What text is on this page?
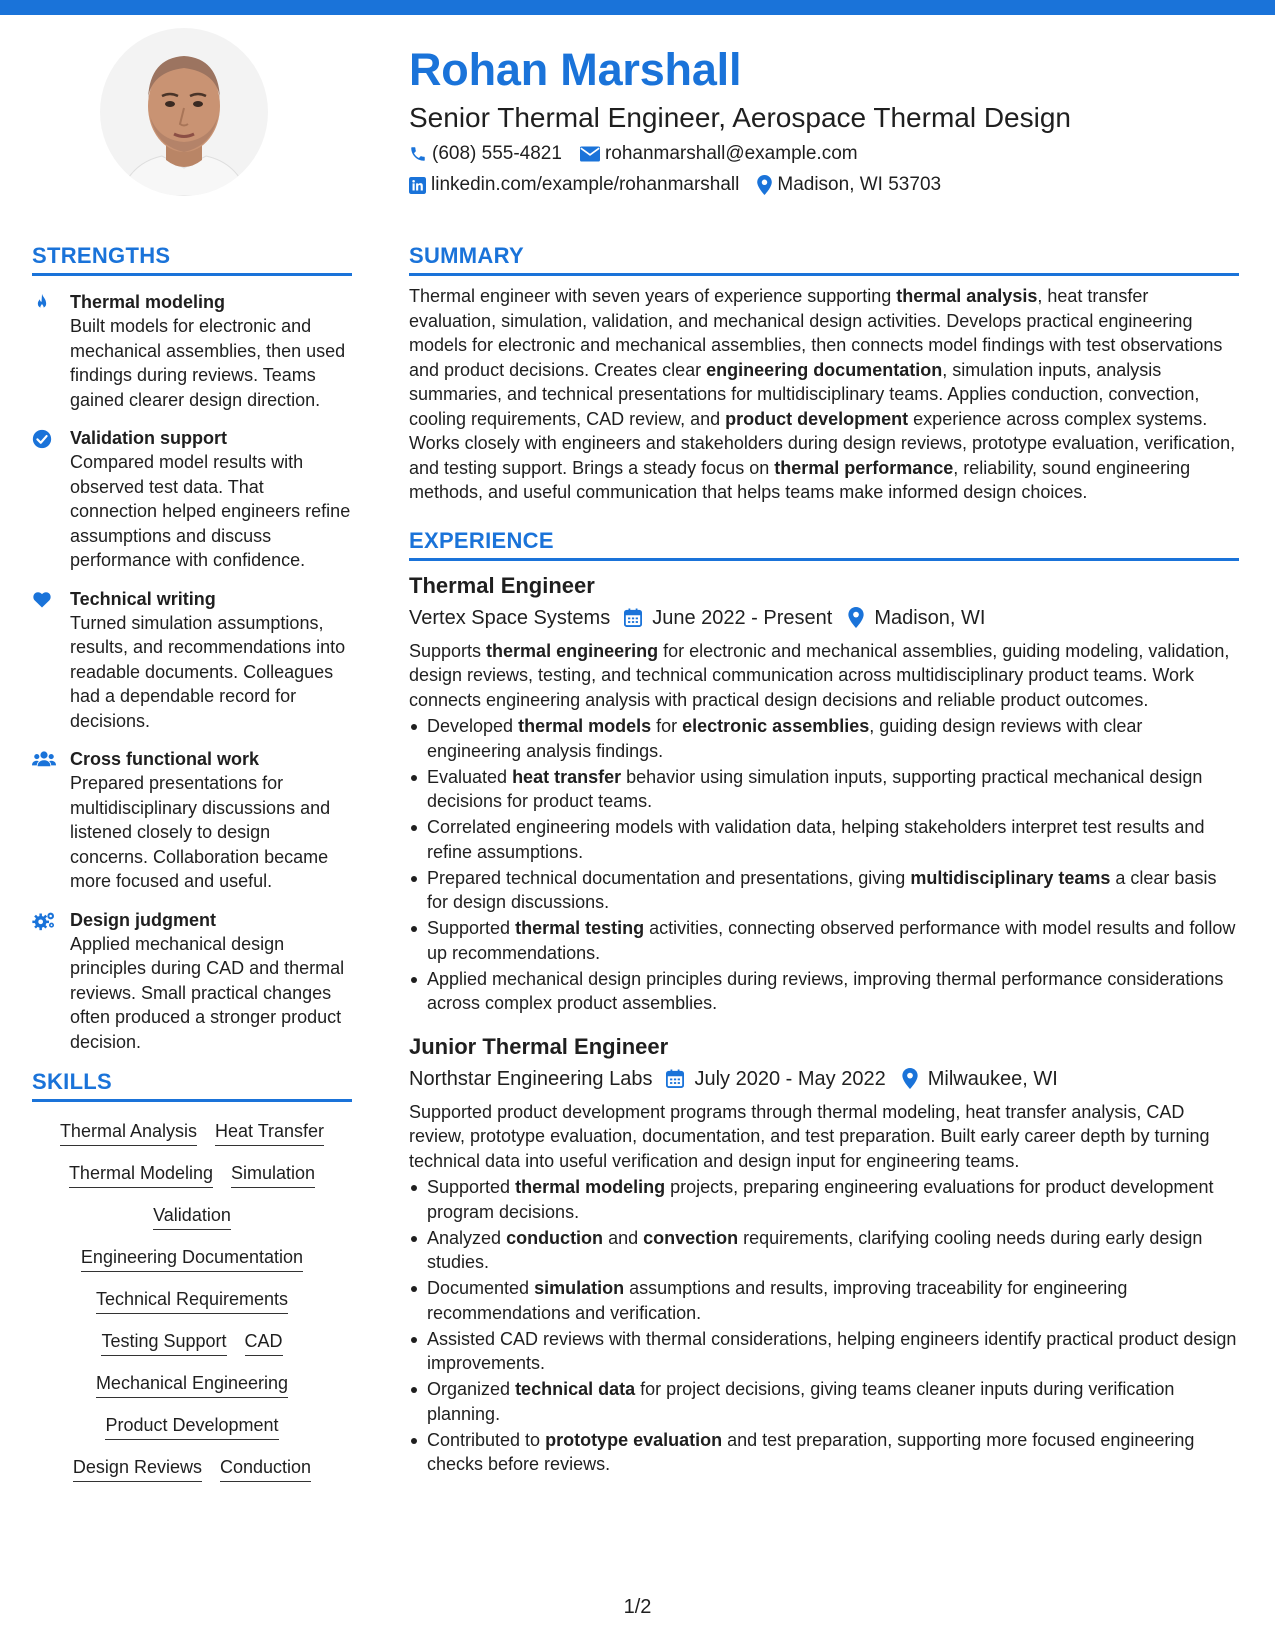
Rohan Marshall
Senior Thermal Engineer, Aerospace Thermal Design
(608) 555-4821 rohanmarshall@example.com
linkedin.com/example/rohanmarshall Madison, WI 53703
STRENGTHS
Thermal modeling
Built models for electronic and mechanical assemblies, then used findings during reviews. Teams gained clearer design direction.
Validation support
Compared model results with observed test data. That connection helped engineers refine assumptions and discuss performance with confidence.
Technical writing
Turned simulation assumptions, results, and recommendations into readable documents. Colleagues had a dependable record for decisions.
Cross functional work
Prepared presentations for multidisciplinary discussions and listened closely to design concerns. Collaboration became more focused and useful.
Design judgment
Applied mechanical design principles during CAD and thermal reviews. Small practical changes often produced a stronger product decision.
SKILLS
Thermal Analysis Heat Transfer
Thermal Modeling Simulation
Validation
Engineering Documentation
Technical Requirements
Testing Support CAD
Mechanical Engineering
Product Development
Design Reviews Conduction
SUMMARY
Thermal engineer with seven years of experience supporting thermal analysis, heat transfer evaluation, simulation, validation, and mechanical design activities. Develops practical engineering models for electronic and mechanical assemblies, then connects model findings with test observations and product decisions. Creates clear engineering documentation, simulation inputs, analysis summaries, and technical presentations for multidisciplinary teams. Applies conduction, convection, cooling requirements, CAD review, and product development experience across complex systems. Works closely with engineers and stakeholders during design reviews, prototype evaluation, verification, and testing support. Brings a steady focus on thermal performance, reliability, sound engineering methods, and useful communication that helps teams make informed design choices.
EXPERIENCE
Thermal Engineer
Vertex Space Systems June 2022 - Present Madison, WI
Supports thermal engineering for electronic and mechanical assemblies, guiding modeling, validation, design reviews, testing, and technical communication across multidisciplinary product teams. Work connects engineering analysis with practical design decisions and reliable product outcomes.
Developed thermal models for electronic assemblies, guiding design reviews with clear engineering analysis findings.
Evaluated heat transfer behavior using simulation inputs, supporting practical mechanical design decisions for product teams.
Correlated engineering models with validation data, helping stakeholders interpret test results and refine assumptions.
Prepared technical documentation and presentations, giving multidisciplinary teams a clear basis for design discussions.
Supported thermal testing activities, connecting observed performance with model results and follow up recommendations.
Applied mechanical design principles during reviews, improving thermal performance considerations across complex product assemblies.
Junior Thermal Engineer
Northstar Engineering Labs July 2020 - May 2022 Milwaukee, WI
Supported product development programs through thermal modeling, heat transfer analysis, CAD review, prototype evaluation, documentation, and test preparation. Built early career depth by turning technical data into useful verification and design input for engineering teams.
Supported thermal modeling projects, preparing engineering evaluations for product development program decisions.
Analyzed conduction and convection requirements, clarifying cooling needs during early design studies.
Documented simulation assumptions and results, improving traceability for engineering recommendations and verification.
Assisted CAD reviews with thermal considerations, helping engineers identify practical product design improvements.
Organized technical data for project decisions, giving teams cleaner inputs during verification planning.
Contributed to prototype evaluation and test preparation, supporting more focused engineering checks before reviews.
1/2
